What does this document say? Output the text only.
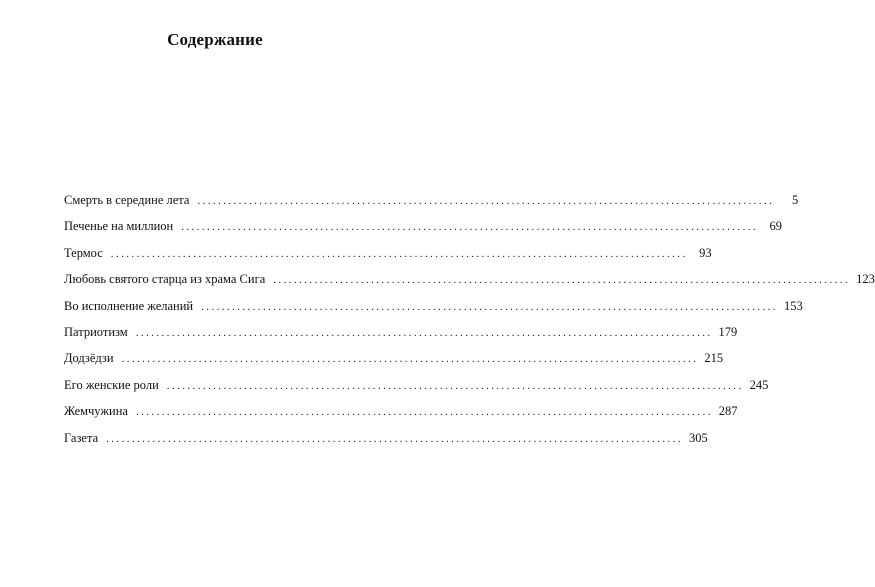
Содержание
Смерть в середине лета ................................................................................................................	5
Печенье на миллион ................................................................................................................ 69
Термос ................................................................................................................ 93
Любовь святого старца из храма Сига ................................................................................................................ 123
Во исполнение желаний ................................................................................................................ 153
Патриотизм ................................................................................................................ 179
Додзёдзи ................................................................................................................ 215
Его женские роли ................................................................................................................ 245
Жемчужина ................................................................................................................ 287
Газета ................................................................................................................ 305
